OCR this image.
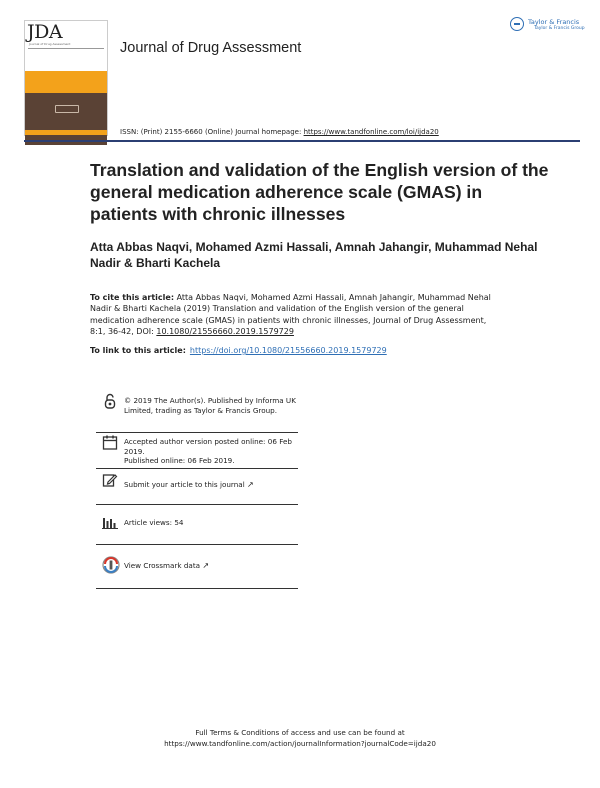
JDA
Journal of Drug Assessment	Journal of Drug Assessment
Taylor & Francis
Taylor & Francis Group
ISSN: (Print) 2155-6660 (Online) Journal homepage: https://www.tandfonline.com/loi/ijda20
Translation and validation of the English version of the general medication adherence scale (GMAS) in patients with chronic illnesses
Atta Abbas Naqvi, Mohamed Azmi Hassali, Amnah Jahangir, Muhammad Nehal Nadir & Bharti Kachela
To cite this article: Atta Abbas Naqvi, Mohamed Azmi Hassali, Amnah Jahangir, Muhammad Nehal Nadir & Bharti Kachela (2019) Translation and validation of the English version of the general medication adherence scale (GMAS) in patients with chronic illnesses, Journal of Drug Assessment, 8:1, 36-42, DOI: 10.1080/21556660.2019.1579729
To link to this article: https://doi.org/10.1080/21556660.2019.1579729
© 2019 The Author(s). Published by Informa UK Limited, trading as Taylor & Francis Group.
Accepted author version posted online: 06 Feb 2019.
Published online: 06 Feb 2019.
Submit your article to this journal ↗
Article views: 54
View Crossmark data ↗
Full Terms & Conditions of access and use can be found at
https://www.tandfonline.com/action/journalInformation?journalCode=ijda20
